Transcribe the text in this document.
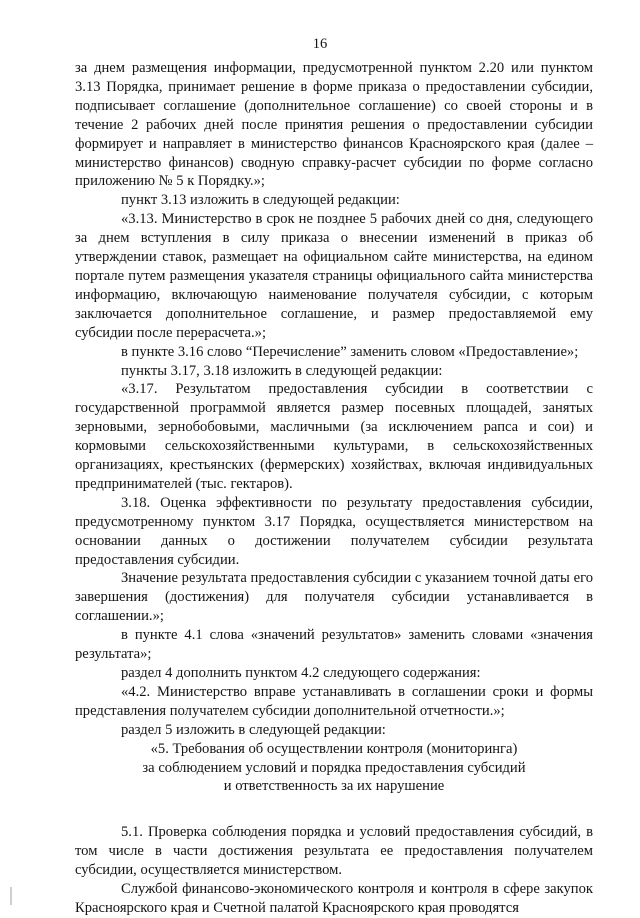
16

за днем размещения информации, предусмотренной пунктом 2.20 или пунктом 3.13 Порядка, принимает решение в форме приказа о предоставлении субсидии, подписывает соглашение (дополнительное соглашение) со своей стороны и в течение 2 рабочих дней после принятия решения о предоставлении субсидии формирует и направляет в министерство финансов Красноярского края (далее – министерство финансов) сводную справку-расчет субсидии по форме согласно приложению № 5 к Порядку.»;

пункт 3.13 изложить в следующей редакции:

«3.13. Министерство в срок не позднее 5 рабочих дней со дня, следующего за днем вступления в силу приказа о внесении изменений в приказ об утверждении ставок, размещает на официальном сайте министерства, на едином портале путем размещения указателя страницы официального сайта министерства информацию, включающую наименование получателя субсидии, с которым заключается дополнительное соглашение, и размер предоставляемой ему субсидии после перерасчета.»;

в пункте 3.16 слово “Перечисление” заменить словом «Предоставление»;

пункты 3.17, 3.18 изложить в следующей редакции:

«3.17. Результатом предоставления субсидии в соответствии с государственной программой является размер посевных площадей, занятых зерновыми, зернобобовыми, масличными (за исключением рапса и сои) и кормовыми сельскохозяйственными культурами, в сельскохозяйственных организациях, крестьянских (фермерских) хозяйствах, включая индивидуальных предпринимателей (тыс. гектаров).

3.18. Оценка эффективности по результату предоставления субсидии, предусмотренному пунктом 3.17 Порядка, осуществляется министерством на основании данных о достижении получателем субсидии результата предоставления субсидии.

Значение результата предоставления субсидии с указанием точной даты его завершения (достижения) для получателя субсидии устанавливается в соглашении.»;

в пункте 4.1 слова «значений результатов» заменить словами «значения результата»;

раздел 4 дополнить пунктом 4.2 следующего содержания:

«4.2. Министерство вправе устанавливать в соглашении сроки и формы представления получателем субсидии дополнительной отчетности.»;

раздел 5 изложить в следующей редакции:

«5. Требования об осуществлении контроля (мониторинга)

за соблюдением условий и порядка предоставления субсидий

и ответственность за их нарушение

5.1. Проверка соблюдения порядка и условий предоставления субсидий, в том числе в части достижения результата ее предоставления получателем субсидии, осуществляется министерством.

Службой финансово-экономического контроля и контроля в сфере закупок Красноярского края и Счетной палатой Красноярского края проводятся
